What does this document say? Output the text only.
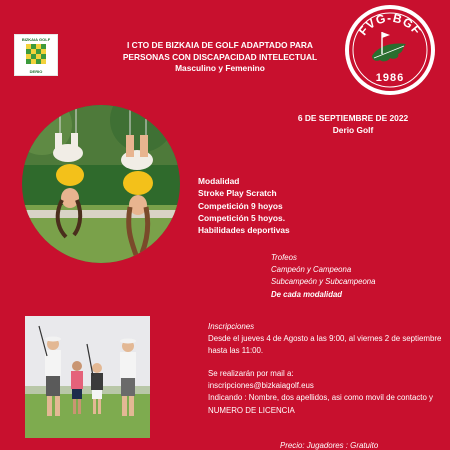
BIZKAIA GOLF
DERIO
I CTO DE BIZKAIA DE GOLF ADAPTADO PARA
PERSONAS CON DISCAPACIDAD INTELECTUAL
Masculino y Femenino
FVG-BGF
1986
6 DE SEPTIEMBRE DE 2022
Derio Golf
Modalidad
Stroke Play Scratch
Competición 9 hoyos
Competición 5 hoyos.
Habilidades deportivas
Trofeos
Campeón y Campeona
Subcampeón y Subcampeona
De cada modalidad
Inscripciones
Desde el jueves 4 de Agosto a las 9:00, al viernes 2 de septiembre hasta las 11:00.
Se realizarán por mail a:
inscripciones@bizkaiagolf.eus
Indicando : Nombre, dos apellidos, asi como movil de contacto y NUMERO DE LICENCIA
Precio: Jugadores : Gratuito
